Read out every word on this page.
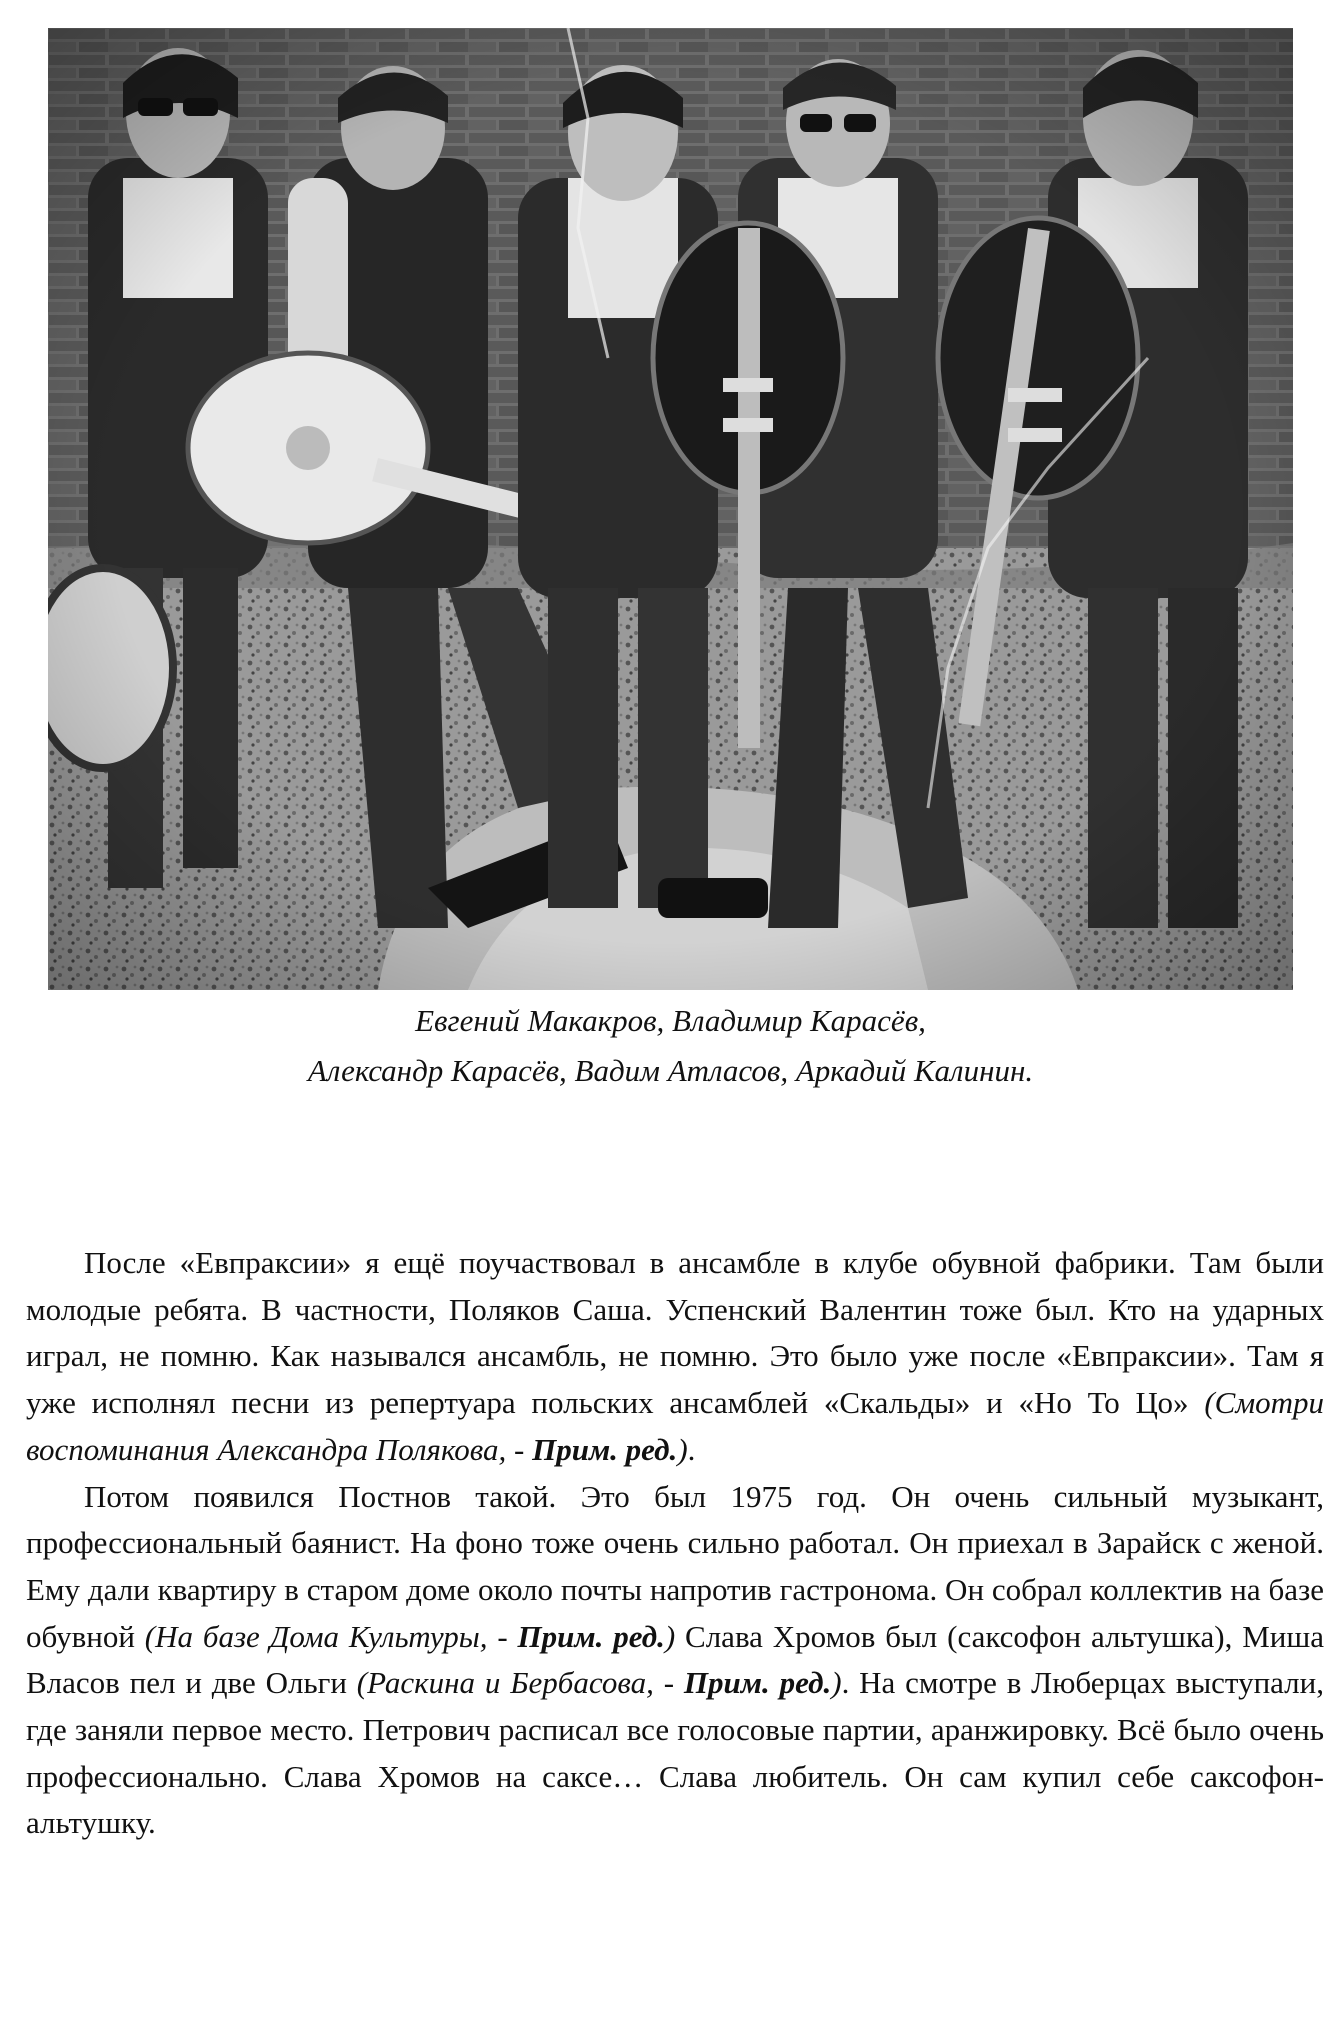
Евгений Макакров, Владимир Карасёв,
Александр Карасёв, Вадим Атласов, Аркадий Калинин.

После «Евпраксии» я ещё поучаствовал в ансамбле в клубе обувной фабрики. Там были молодые ребята. В частности, Поляков Саша. Успенский Валентин тоже был. Кто на ударных играл, не помню. Как назывался ансамбль, не помню. Это было уже после «Евпраксии». Там я уже исполнял песни из репертуара польских ансамблей «Скальды» и «Но То Цо» (Смотри воспоминания Александра Полякова, - Прим. ред.).

Потом появился Постнов такой. Это был 1975 год. Он очень сильный музыкант, профессиональный баянист. На фоно тоже очень сильно работал. Он приехал в Зарайск с женой. Ему дали квартиру в старом доме около почты напротив гастронома. Он собрал коллектив на базе обувной (На базе Дома Культуры, - Прим. ред.) Слава Хромов был (саксофон альтушка), Миша Власов пел и две Ольги (Раскина и Бербасова, - Прим. ред.). На смотре в Люберцах выступали, где заняли первое место. Петрович расписал все голосовые партии, аранжировку. Всё было очень профессионально. Слава Хромов на саксе… Слава любитель. Он сам купил себе саксофон-альтушку.
